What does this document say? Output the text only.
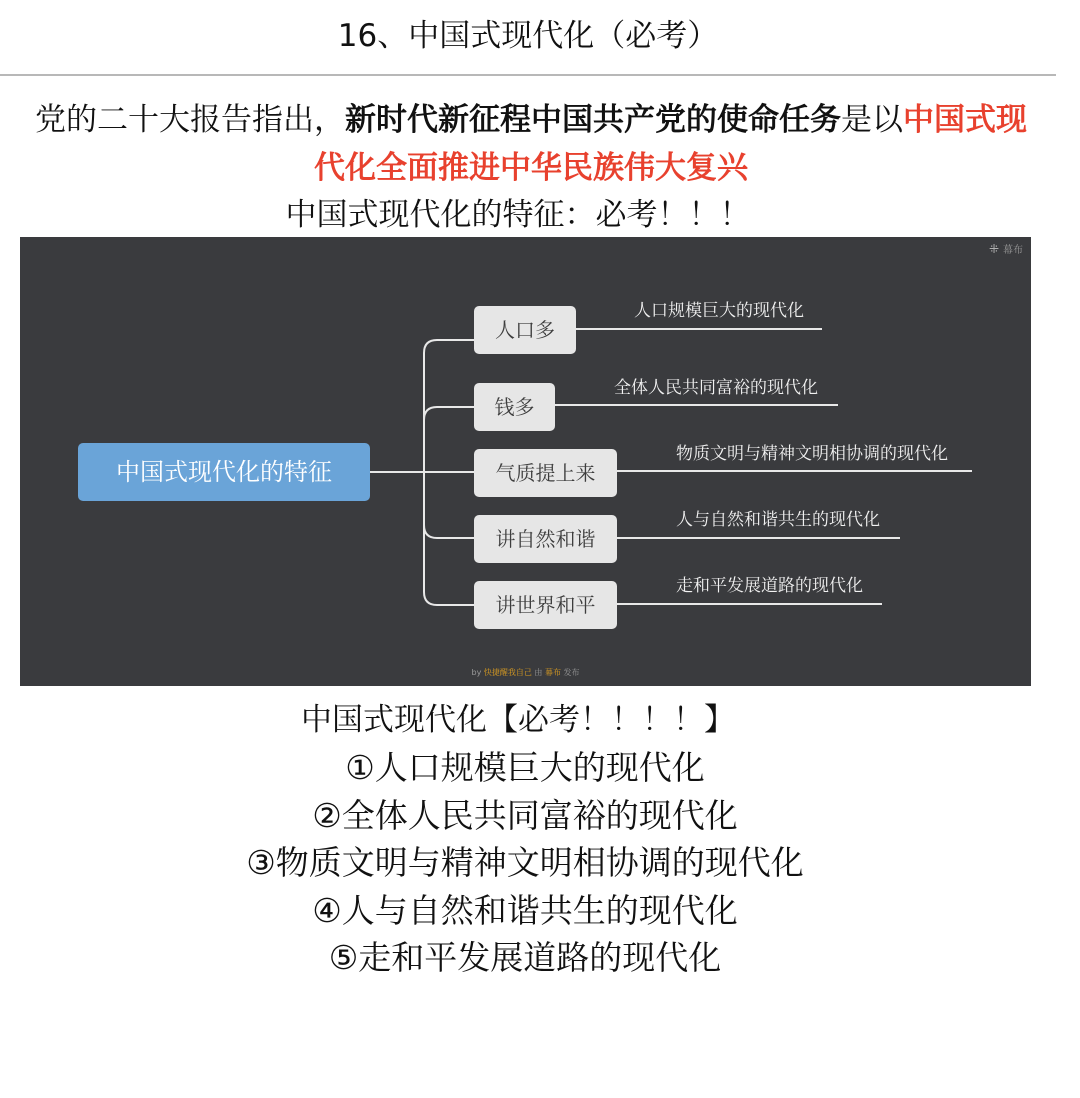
16、中国式现代化（必考）
党的二十大报告指出，新时代新征程中国共产党的使命任务是以中国式现
代化全面推进中华民族伟大复兴
中国式现代化的特征：必考！！！
⁜ 幕布
中国式现代化的特征
人口多
钱多
气质提上来
讲自然和谐
讲世界和平
人口规模巨大的现代化
全体人民共同富裕的现代化
物质文明与精神文明相协调的现代化
人与自然和谐共生的现代化
走和平发展道路的现代化
by 快捷醒我自己 由 幕布 发布
中国式现代化【必考！！！！】
①人口规模巨大的现代化
②全体人民共同富裕的现代化
③物质文明与精神文明相协调的现代化
④人与自然和谐共生的现代化
⑤走和平发展道路的现代化
